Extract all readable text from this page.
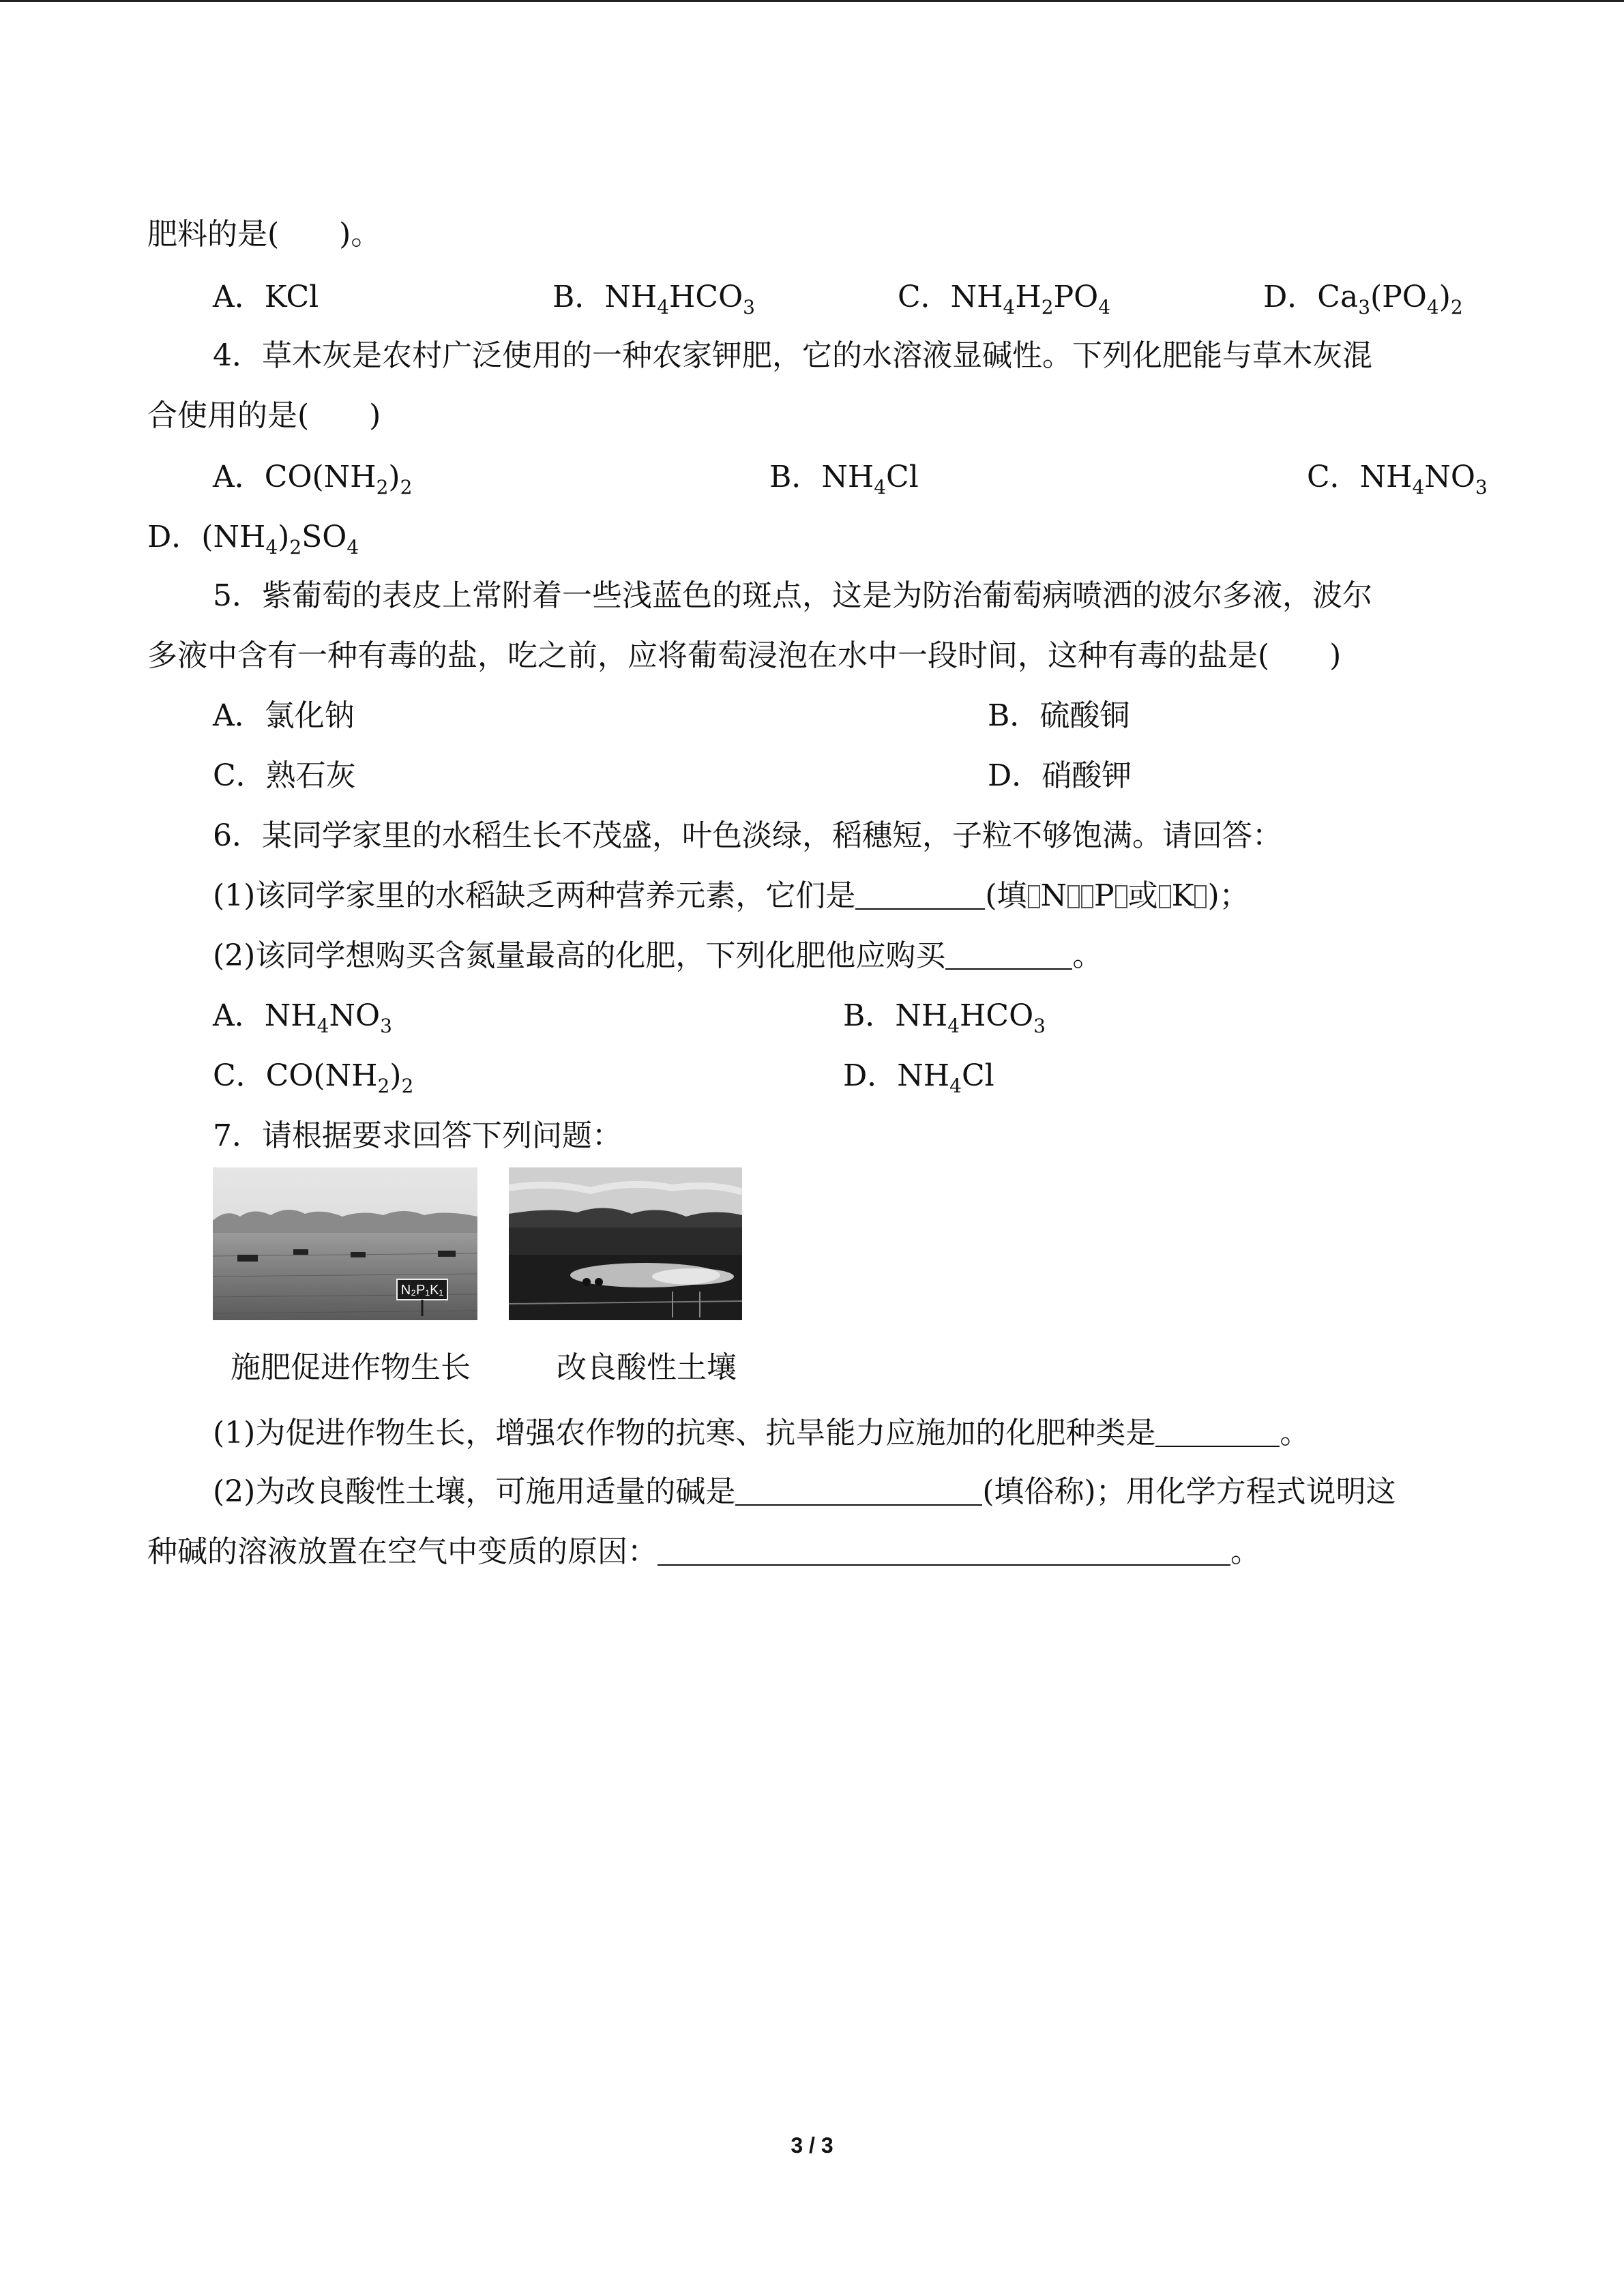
肥料的是(　　)。
A．KCl	B．$NH_4HCO_3$	C．$NH_4H_2PO_4$	D．$Ca_3(PO_4)_2$
4．草木灰是农村广泛使用的一种农家钾肥，它的水溶液显碱性。下列化肥能与草木灰混
合使用的是(　　)
A．$CO(NH_2)_2$	B．$NH_4Cl$	C．$NH_4NO_3$
D．$(NH_4)_2SO_4$
5．紫葡萄的表皮上常附着一些浅蓝色的斑点，这是为防治葡萄病喷洒的波尔多液，波尔
多液中含有一种有毒的盐，吃之前，应将葡萄浸泡在水中一段时间，这种有毒的盐是(　　)
A．氯化钠	B．硫酸铜
C．熟石灰	D．硝酸钾
6．某同学家里的水稻生长不茂盛，叶色淡绿，稻穗短，子粒不够饱满。请回答：
(1)该同学家里的水稻缺乏两种营养元素，它们是	(填 N P 或 K )；
(2)该同学想购买含氮量最高的化肥，下列化肥他应购买	。
A．$NH_4NO_3$	B．$NH_4HCO_3$
C．$CO(NH_2)_2$	D．$NH_4Cl$
7．请根据要求回答下列问题：
N₂P₁K₁
施肥促进作物生长	改良酸性土壤
(1)为促进作物生长，增强农作物的抗寒、抗旱能力应施加的化肥种类是	。
(2)为改良酸性土壤，可施用适量的碱是	(填俗称)；用化学方程式说明这
种碱的溶液放置在空气中变质的原因：	。
3 / 3
